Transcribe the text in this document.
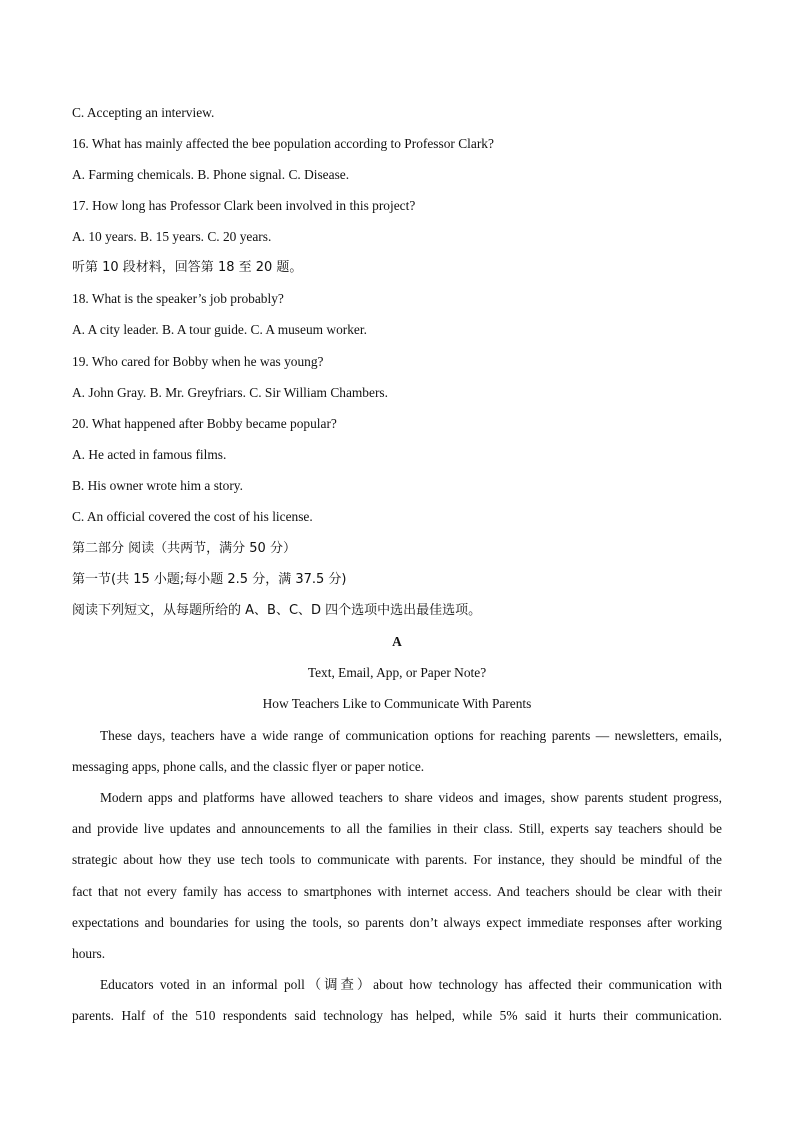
C. Accepting an interview.
16. What has mainly affected the bee population according to Professor Clark?
A. Farming chemicals. B. Phone signal. C. Disease.
17. How long has Professor Clark been involved in this project?
A. 10 years. B. 15 years. C. 20 years.
听第 10 段材料，回答第 18 至 20 题。
18. What is the speaker’s job probably?
A. A city leader. B. A tour guide. C. A museum worker.
19. Who cared for Bobby when he was young?
A. John Gray. B. Mr. Greyfriars. C. Sir William Chambers.
20. What happened after Bobby became popular?
A. He acted in famous films.
B. His owner wrote him a story.
C. An official covered the cost of his license.
第二部分 阅读（共两节，满分 50 分）
第一节(共 15 小题;每小题 2.5 分，满 37.5 分)
阅读下列短文，从每题所给的 A、B、C、D 四个选项中选出最佳选项。
A
Text, Email, App, or Paper Note?
How Teachers Like to Communicate With Parents
These days, teachers have a wide range of communication options for reaching parents — newsletters, emails,
messaging apps, phone calls, and the classic flyer or paper notice.
Modern apps and platforms have allowed teachers to share videos and images, show parents student progress,
and provide live updates and announcements to all the families in their class. Still, experts say teachers should be
strategic about how they use tech tools to communicate with parents. For instance, they should be mindful of the
fact that not every family has access to smartphones with internet access. And teachers should be clear with their
expectations and boundaries for using the tools, so parents don’t always expect immediate responses after working
hours.
Educators voted in an informal poll（调查）about how technology has affected their communication with
parents. Half of the 510 respondents said technology has helped, while 5% said it hurts their communication.
